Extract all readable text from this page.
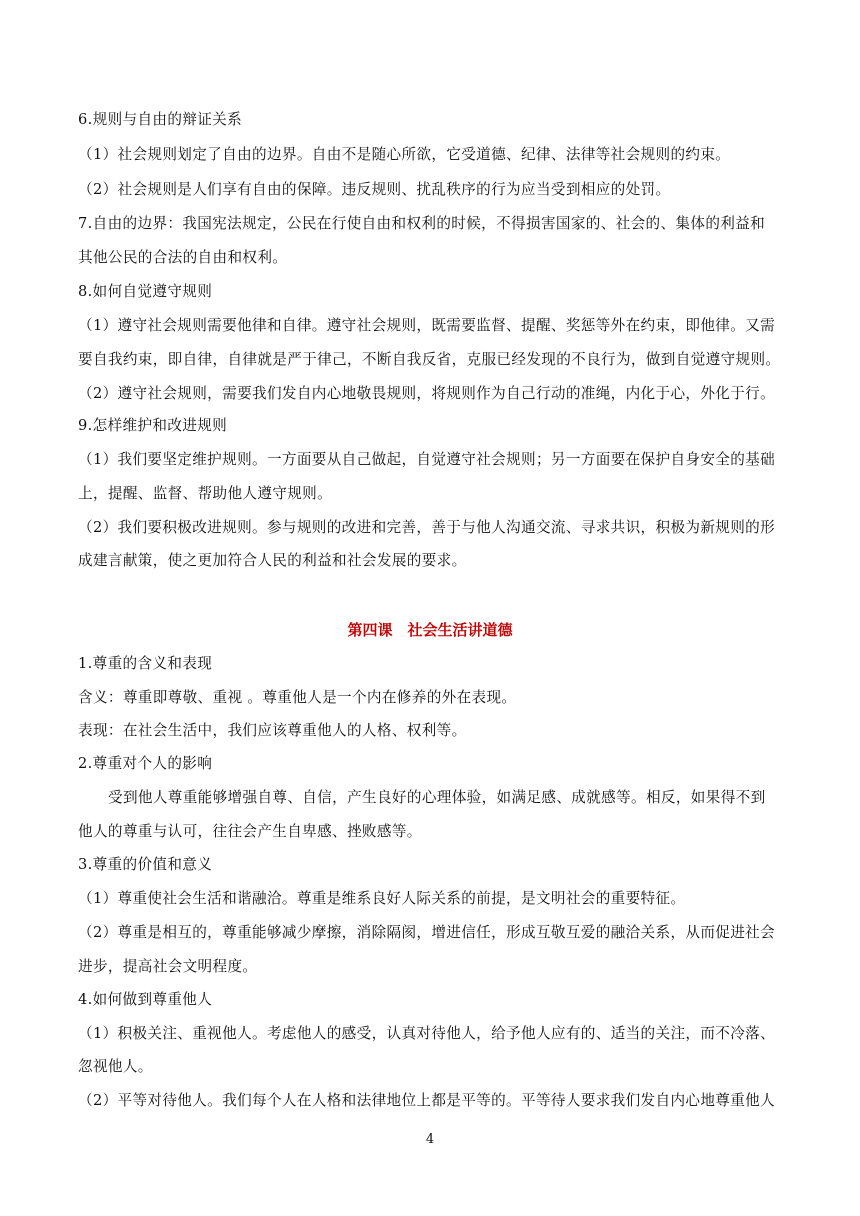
6.规则与自由的辩证关系
（1）社会规则划定了自由的边界。自由不是随心所欲，它受道德、纪律、法律等社会规则的约束。
（2）社会规则是人们享有自由的保障。违反规则、扰乱秩序的行为应当受到相应的处罚。
7.自由的边界：我国宪法规定，公民在行使自由和权利的时候，不得损害国家的、社会的、集体的利益和
其他公民的合法的自由和权利。
8.如何自觉遵守规则
（1）遵守社会规则需要他律和自律。遵守社会规则，既需要监督、提醒、奖惩等外在约束，即他律。又需
要自我约束，即自律，自律就是严于律己，不断自我反省，克服已经发现的不良行为，做到自觉遵守规则。
（2）遵守社会规则，需要我们发自内心地敬畏规则，将规则作为自己行动的准绳，内化于心，外化于行。
9.怎样维护和改进规则
（1）我们要坚定维护规则。一方面要从自己做起，自觉遵守社会规则；另一方面要在保护自身安全的基础
上，提醒、监督、帮助他人遵守规则。
（2）我们要积极改进规则。参与规则的改进和完善，善于与他人沟通交流、寻求共识，积极为新规则的形
成建言献策，使之更加符合人民的利益和社会发展的要求。
第四课　社会生活讲道德
1.尊重的含义和表现
含义：尊重即尊敬、重视 。尊重他人是一个内在修养的外在表现。
表现：在社会生活中，我们应该尊重他人的人格、权利等。
2.尊重对个人的影响
受到他人尊重能够增强自尊、自信，产生良好的心理体验，如满足感、成就感等。相反，如果得不到
他人的尊重与认可，往往会产生自卑感、挫败感等。
3.尊重的价值和意义
（1）尊重使社会生活和谐融洽。尊重是维系良好人际关系的前提，是文明社会的重要特征。
（2）尊重是相互的，尊重能够减少摩擦，消除隔阂，增进信任，形成互敬互爱的融洽关系，从而促进社会
进步，提高社会文明程度。
4.如何做到尊重他人
（1）积极关注、重视他人。考虑他人的感受，认真对待他人，给予他人应有的、适当的关注，而不冷落、
忽视他人。
（2）平等对待他人。我们每个人在人格和法律地位上都是平等的。平等待人要求我们发自内心地尊重他人
4
